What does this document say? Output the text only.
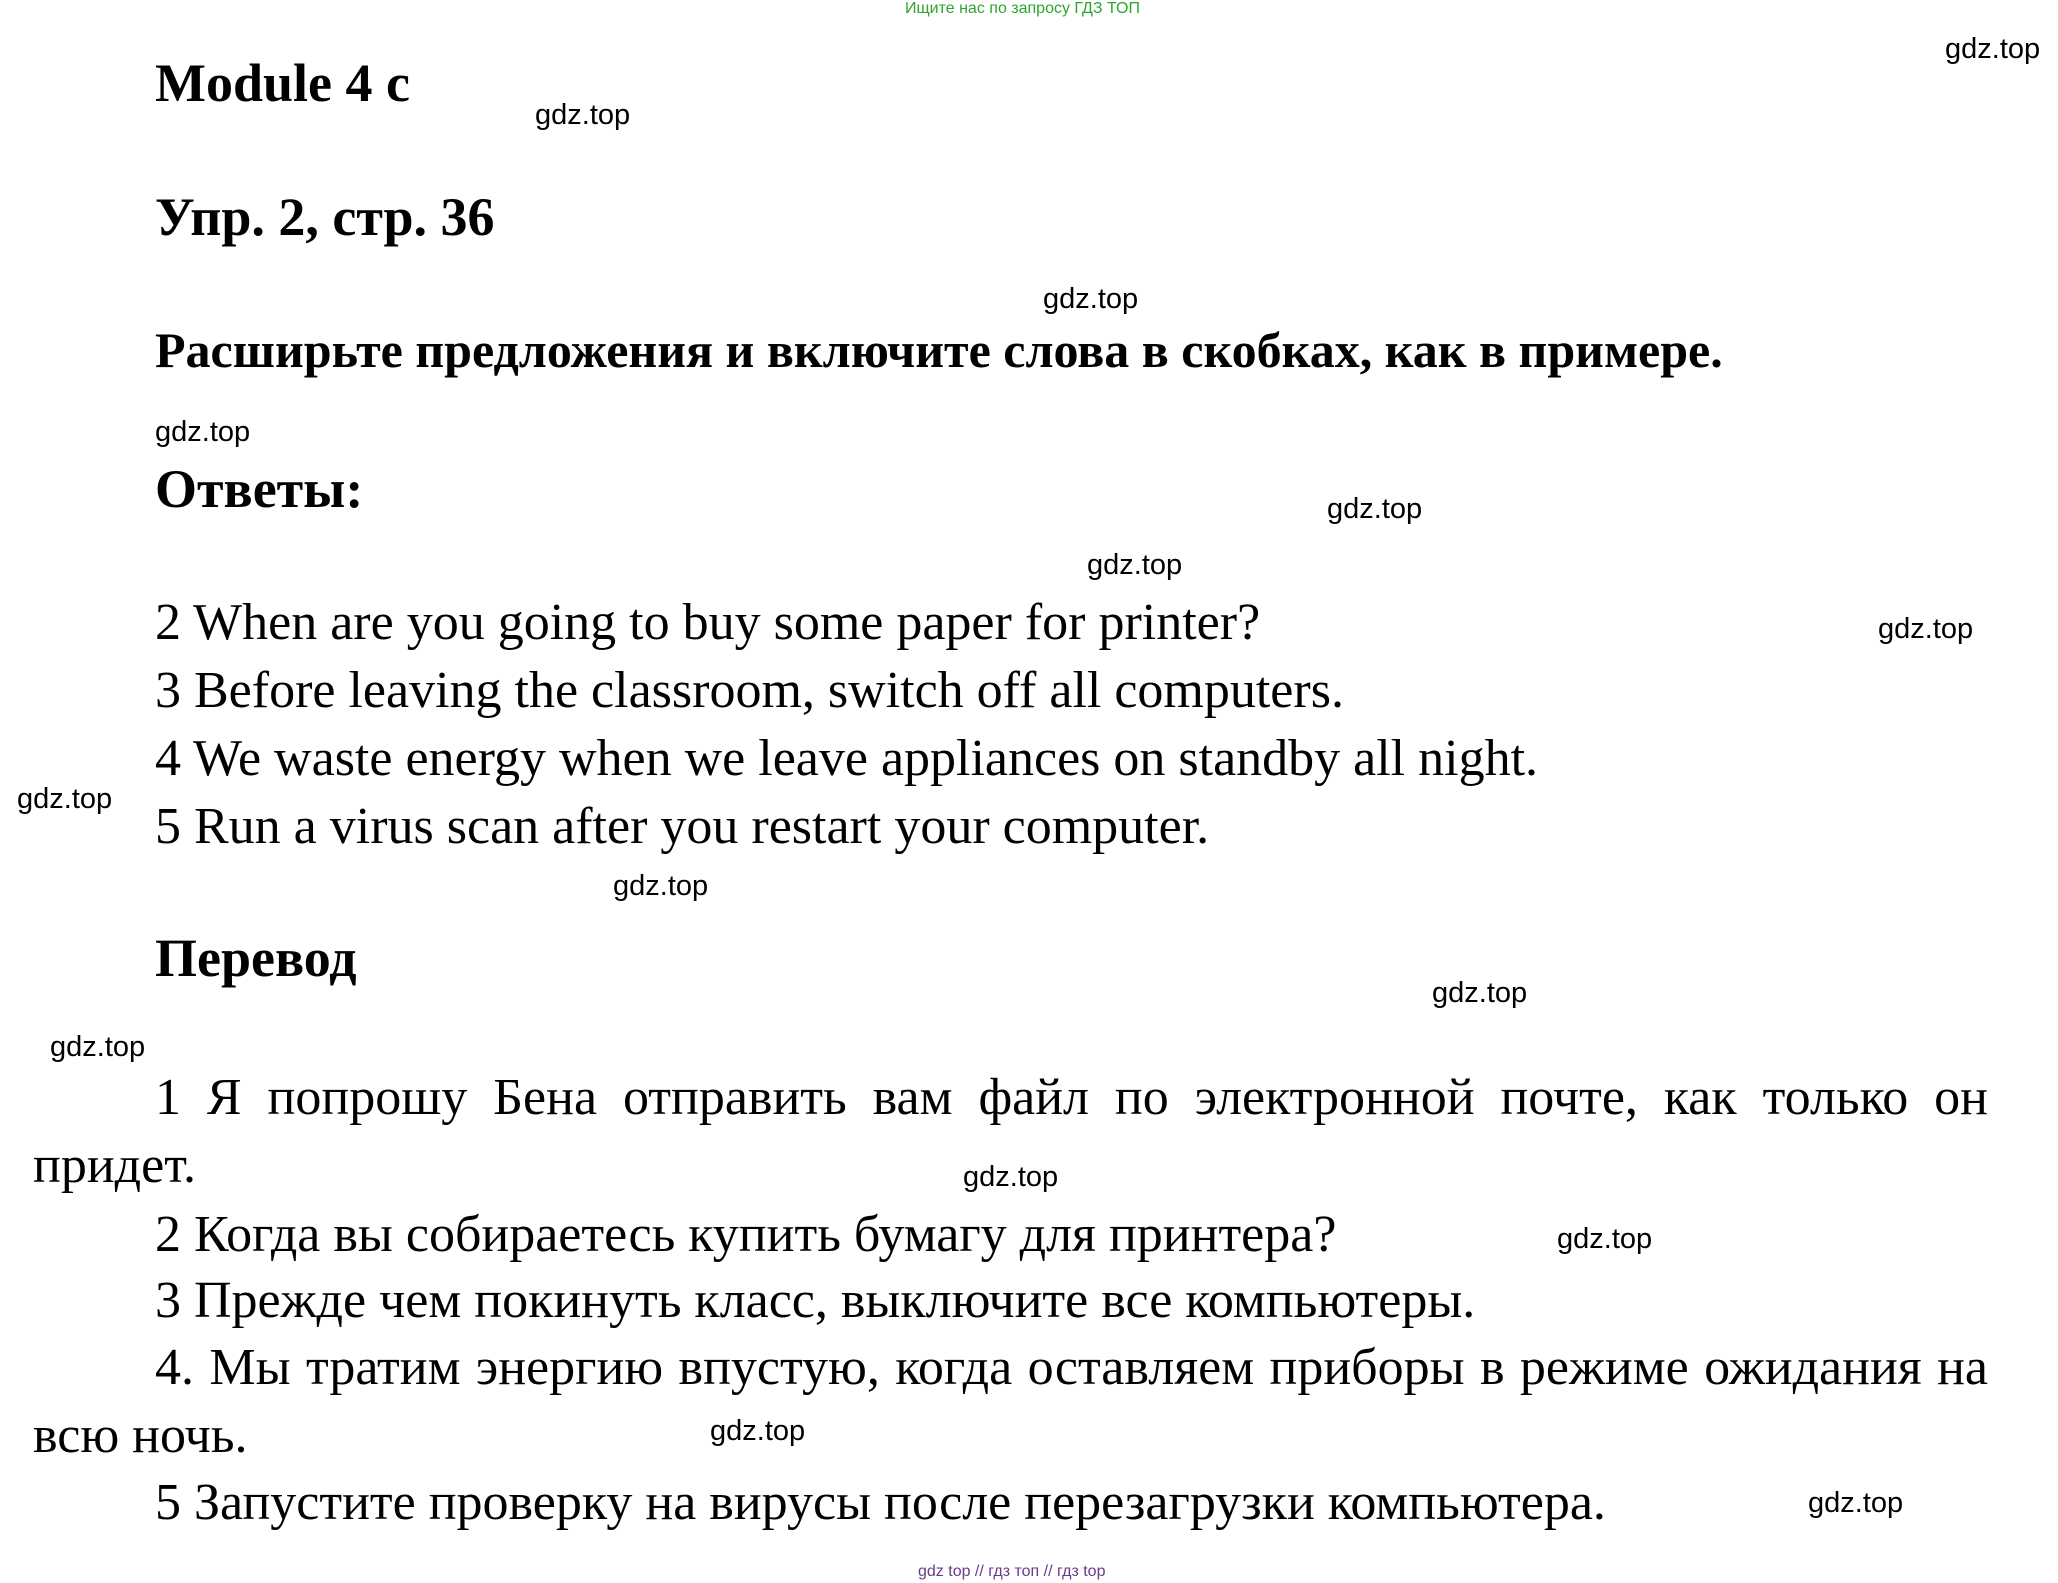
Ищите нас по запросу ГДЗ ТОП
gdz top // гдз топ // гдз top
Module 4 c
Упр. 2, стр. 36
Расширьте предложения и включите слова в скобках, как в примере.
Ответы:
2 When are you going to buy some paper for printer?
3 Before leaving the classroom, switch off all computers.
4 We waste energy when we leave appliances on standby all night.
5 Run a virus scan after you restart your computer.
Перевод
1 Я попрошу Бена отправить вам файл по электронной почте, как только он придет.
2 Когда вы собираетесь купить бумагу для принтера?
3 Прежде чем покинуть класс, выключите все компьютеры.
4. Мы тратим энергию впустую, когда оставляем приборы в режиме ожидания на всю ночь.
5 Запустите проверку на вирусы после перезагрузки компьютера.
gdz.top
gdz.top
gdz.top
gdz.top
gdz.top
gdz.top
gdz.top
gdz.top
gdz.top
gdz.top
gdz.top
gdz.top
gdz.top
gdz.top
gdz.top
